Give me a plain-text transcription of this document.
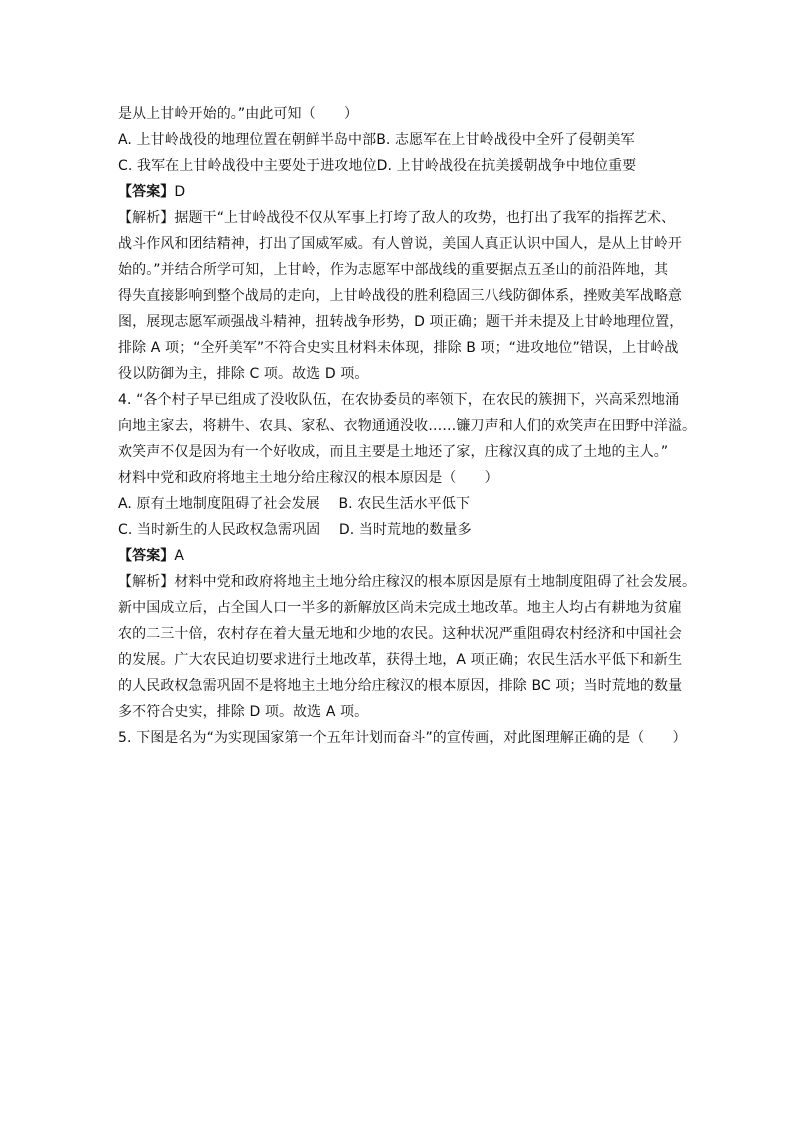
是从上甘岭开始的。”由此可知（　　）
A. 上甘岭战役的地理位置在朝鲜半岛中部B. 志愿军在上甘岭战役中全歼了侵朝美军
C. 我军在上甘岭战役中主要处于进攻地位D. 上甘岭战役在抗美援朝战争中地位重要
【答案】D
【解析】据题干“上甘岭战役不仅从军事上打垮了敌人的攻势，也打出了我军的指挥艺术、
战斗作风和团结精神，打出了国威军威。有人曾说，美国人真正认识中国人，是从上甘岭开
始的。”并结合所学可知，上甘岭，作为志愿军中部战线的重要据点五圣山的前沿阵地，其
得失直接影响到整个战局的走向，上甘岭战役的胜利稳固三八线防御体系，挫败美军战略意
图，展现志愿军顽强战斗精神，扭转战争形势，D 项正确；题干并未提及上甘岭地理位置，
排除 A 项；“全歼美军”不符合史实且材料未体现，排除 B 项；“进攻地位”错误，上甘岭战
役以防御为主，排除 C 项。故选 D 项。
4. “各个村子早已组成了没收队伍，在农协委员的率领下，在农民的簇拥下，兴高采烈地涌
向地主家去，将耕牛、农具、家私、衣物通通没收……镰刀声和人们的欢笑声在田野中洋溢。
欢笑声不仅是因为有一个好收成，而且主要是土地还了家，庄稼汉真的成了土地的主人。”
材料中党和政府将地主土地分给庄稼汉的根本原因是（　　）
A. 原有土地制度阻碍了社会发展　 B. 农民生活水平低下
C. 当时新生的人民政权急需巩固　 D. 当时荒地的数量多
【答案】A
【解析】材料中党和政府将地主土地分给庄稼汉的根本原因是原有土地制度阻碍了社会发展。
新中国成立后，占全国人口一半多的新解放区尚未完成土地改革。地主人均占有耕地为贫雇
农的二三十倍，农村存在着大量无地和少地的农民。这种状况严重阻碍农村经济和中国社会
的发展。广大农民迫切要求进行土地改革，获得土地，A 项正确；农民生活水平低下和新生
的人民政权急需巩固不是将地主土地分给庄稼汉的根本原因，排除 BC 项；当时荒地的数量
多不符合史实，排除 D 项。故选 A 项。
5. 下图是名为“为实现国家第一个五年计划而奋斗”的宣传画，对此图理解正确的是（　　）
